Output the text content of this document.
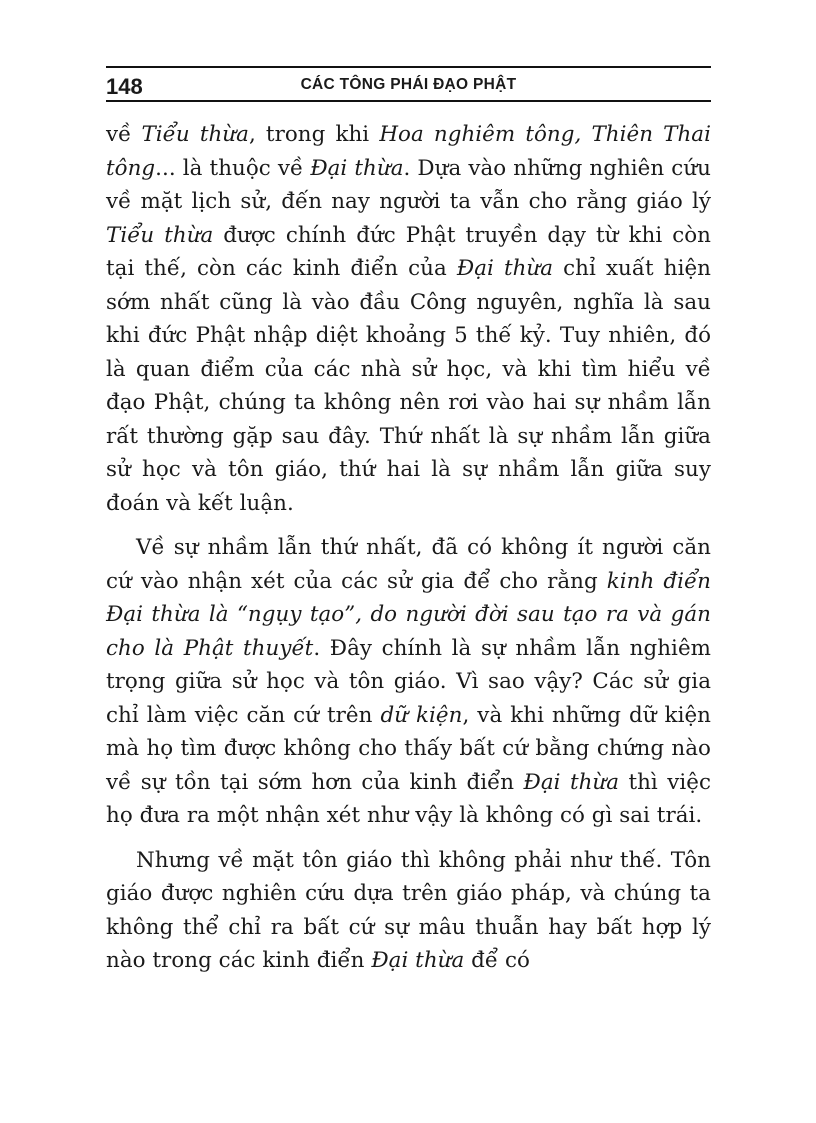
148	CÁC TÔNG PHÁI ĐẠO PHẬT

về Tiểu thừa, trong khi Hoa nghiêm tông, Thiên Thai tông... là thuộc về Đại thừa. Dựa vào những nghiên cứu về mặt lịch sử, đến nay người ta vẫn cho rằng giáo lý Tiểu thừa được chính đức Phật truyền dạy từ khi còn tại thế, còn các kinh điển của Đại thừa chỉ xuất hiện sớm nhất cũng là vào đầu Công nguyên, nghĩa là sau khi đức Phật nhập diệt khoảng 5 thế kỷ. Tuy nhiên, đó là quan điểm của các nhà sử học, và khi tìm hiểu về đạo Phật, chúng ta không nên rơi vào hai sự nhầm lẫn rất thường gặp sau đây. Thứ nhất là sự nhầm lẫn giữa sử học và tôn giáo, thứ hai là sự nhầm lẫn giữa suy đoán và kết luận.

Về sự nhầm lẫn thứ nhất, đã có không ít người căn cứ vào nhận xét của các sử gia để cho rằng kinh điển Đại thừa là “ngụy tạo”, do người đời sau tạo ra và gán cho là Phật thuyết. Đây chính là sự nhầm lẫn nghiêm trọng giữa sử học và tôn giáo. Vì sao vậy? Các sử gia chỉ làm việc căn cứ trên dữ kiện, và khi những dữ kiện mà họ tìm được không cho thấy bất cứ bằng chứng nào về sự tồn tại sớm hơn của kinh điển Đại thừa thì việc họ đưa ra một nhận xét như vậy là không có gì sai trái.

Nhưng về mặt tôn giáo thì không phải như thế. Tôn giáo được nghiên cứu dựa trên giáo pháp, và chúng ta không thể chỉ ra bất cứ sự mâu thuẫn hay bất hợp lý nào trong các kinh điển Đại thừa để có
